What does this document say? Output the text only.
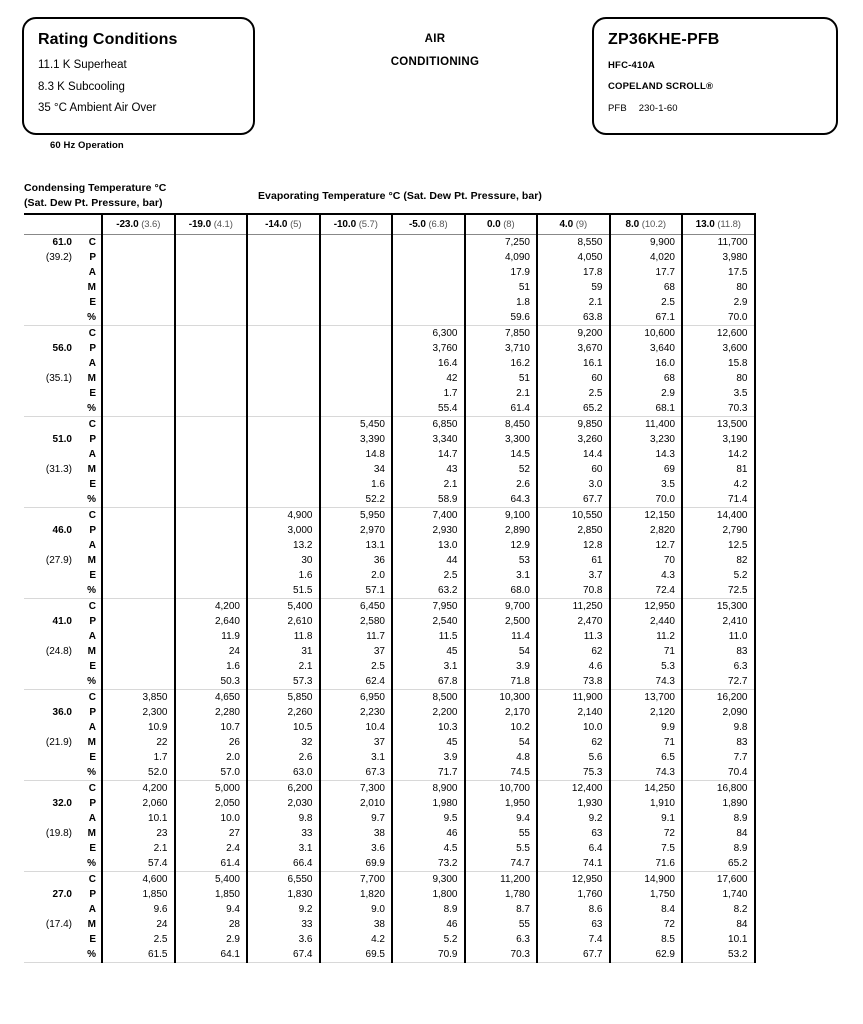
Rating Conditions
11.1 K Superheat
8.3 K Subcooling
35 °C Ambient Air Over
60 Hz Operation
AIR
CONDITIONING
ZP36KHE-PFB
HFC-410A
COPELAND SCROLL®
PFB 230-1-60
Condensing Temperature °C
(Sat. Dew Pt. Pressure, bar)
Evaporating Temperature °C (Sat. Dew Pt. Pressure, bar)
		-23.0 (3.6)	-19.0 (4.1)	-14.0 (5)	-10.0 (5.7)	-5.0 (6.8)	0.0 (8)	4.0 (9)	8.0 (10.2)	13.0 (11.8)
61.0	C						7,250	8,550	9,900	11,700
(39.2)	P						4,090	4,050	4,020	3,980
	A						17.9	17.8	17.7	17.5
	M						51	59	68	80
	E						1.8	2.1	2.5	2.9
	%						59.6	63.8	67.1	70.0
	C					6,300	7,850	9,200	10,600	12,600
56.0	P					3,760	3,710	3,670	3,640	3,600
	A					16.4	16.2	16.1	16.0	15.8
(35.1)	M					42	51	60	68	80
	E					1.7	2.1	2.5	2.9	3.5
	%					55.4	61.4	65.2	68.1	70.3
	C				5,450	6,850	8,450	9,850	11,400	13,500
51.0	P				3,390	3,340	3,300	3,260	3,230	3,190
	A				14.8	14.7	14.5	14.4	14.3	14.2
(31.3)	M				34	43	52	60	69	81
	E				1.6	2.1	2.6	3.0	3.5	4.2
	%				52.2	58.9	64.3	67.7	70.0	71.4
	C			4,900	5,950	7,400	9,100	10,550	12,150	14,400
46.0	P			3,000	2,970	2,930	2,890	2,850	2,820	2,790
	A			13.2	13.1	13.0	12.9	12.8	12.7	12.5
(27.9)	M			30	36	44	53	61	70	82
	E			1.6	2.0	2.5	3.1	3.7	4.3	5.2
	%			51.5	57.1	63.2	68.0	70.8	72.4	72.5
	C		4,200	5,400	6,450	7,950	9,700	11,250	12,950	15,300
41.0	P		2,640	2,610	2,580	2,540	2,500	2,470	2,440	2,410
	A		11.9	11.8	11.7	11.5	11.4	11.3	11.2	11.0
(24.8)	M		24	31	37	45	54	62	71	83
	E		1.6	2.1	2.5	3.1	3.9	4.6	5.3	6.3
	%		50.3	57.3	62.4	67.8	71.8	73.8	74.3	72.7
	C	3,850	4,650	5,850	6,950	8,500	10,300	11,900	13,700	16,200
36.0	P	2,300	2,280	2,260	2,230	2,200	2,170	2,140	2,120	2,090
	A	10.9	10.7	10.5	10.4	10.3	10.2	10.0	9.9	9.8
(21.9)	M	22	26	32	37	45	54	62	71	83
	E	1.7	2.0	2.6	3.1	3.9	4.8	5.6	6.5	7.7
	%	52.0	57.0	63.0	67.3	71.7	74.5	75.3	74.3	70.4
	C	4,200	5,000	6,200	7,300	8,900	10,700	12,400	14,250	16,800
32.0	P	2,060	2,050	2,030	2,010	1,980	1,950	1,930	1,910	1,890
	A	10.1	10.0	9.8	9.7	9.5	9.4	9.2	9.1	8.9
(19.8)	M	23	27	33	38	46	55	63	72	84
	E	2.1	2.4	3.1	3.6	4.5	5.5	6.4	7.5	8.9
	%	57.4	61.4	66.4	69.9	73.2	74.7	74.1	71.6	65.2
	C	4,600	5,400	6,550	7,700	9,300	11,200	12,950	14,900	17,600
27.0	P	1,850	1,850	1,830	1,820	1,800	1,780	1,760	1,750	1,740
	A	9.6	9.4	9.2	9.0	8.9	8.7	8.6	8.4	8.2
(17.4)	M	24	28	33	38	46	55	63	72	84
	E	2.5	2.9	3.6	4.2	5.2	6.3	7.4	8.5	10.1
	%	61.5	64.1	67.4	69.5	70.9	70.3	67.7	62.9	53.2
